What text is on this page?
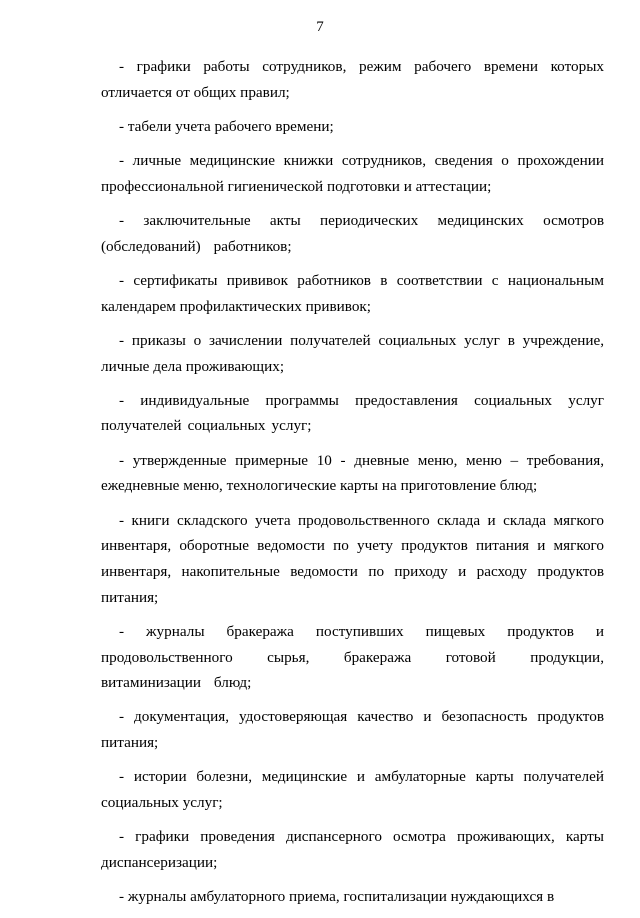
7

- графики работы сотрудников, режим рабочего времени которых отличается от общих правил;

- табели учета рабочего времени;

- личные медицинские книжки сотрудников, сведения о прохождении профессиональной гигиенической подготовки и аттестации;

- заключительные акты периодических медицинских осмотров (обследований) работников;

- сертификаты прививок работников в соответствии с национальным календарем профилактических прививок;

- приказы о зачислении получателей социальных услуг в учреждение, личные дела проживающих;

- индивидуальные программы предоставления социальных услуг получателей социальных услуг;

- утвержденные примерные 10 - дневные меню, меню – требования, ежедневные меню, технологические карты на приготовление блюд;

- книги складского учета продовольственного склада и склада мягкого инвентаря, оборотные ведомости по учету продуктов питания и мягкого инвентаря, накопительные ведомости по приходу и расходу продуктов питания;

- журналы бракеража поступивших пищевых продуктов и продовольственного сырья, бракеража готовой продукции, витаминизации блюд;

- документация, удостоверяющая качество и безопасность продуктов питания;

- истории болезни, медицинские и амбулаторные карты получателей социальных услуг;

- графики проведения диспансерного осмотра проживающих, карты диспансеризации;

- журналы амбулаторного приема, госпитализации нуждающихся в
